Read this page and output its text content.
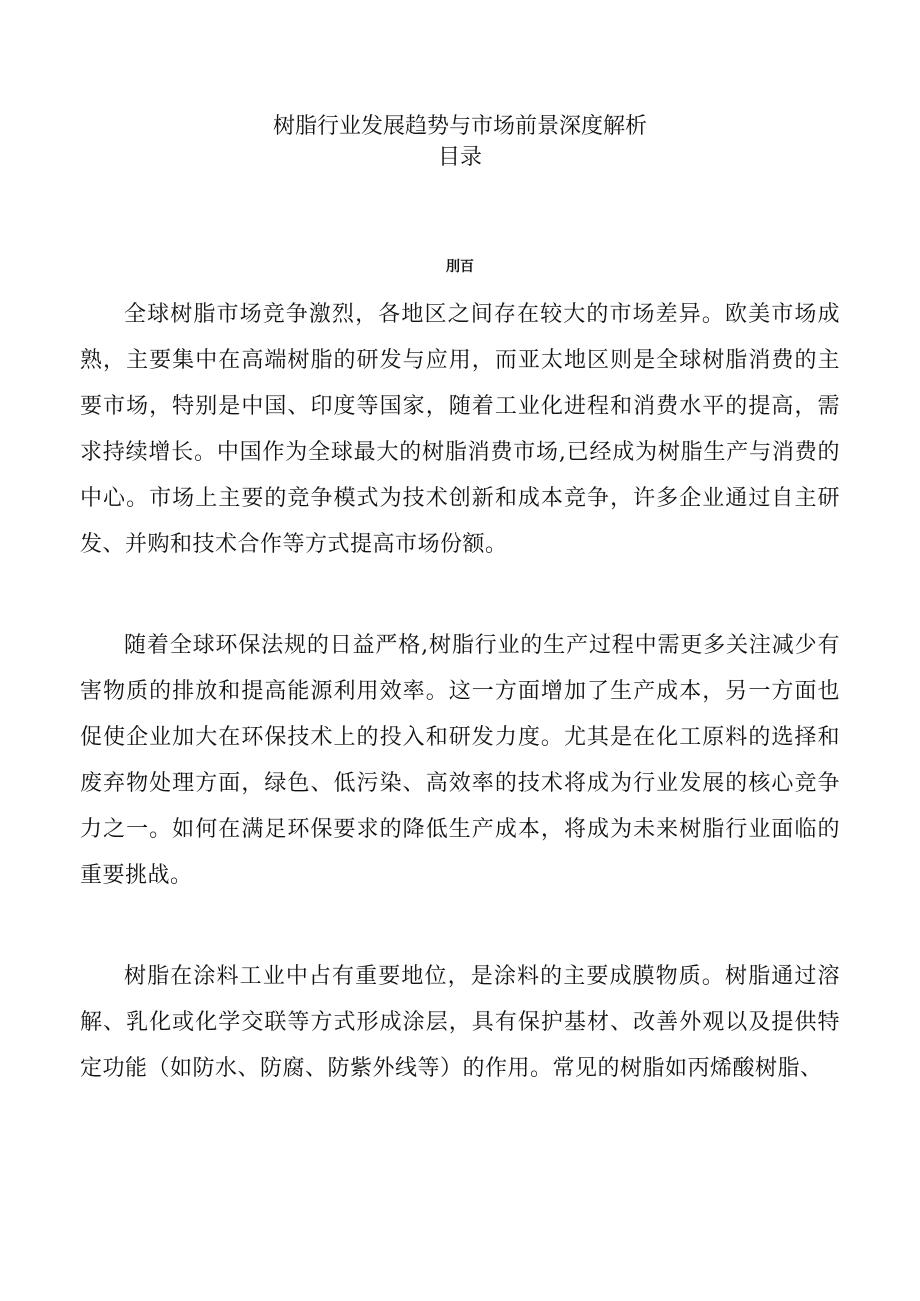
树脂行业发展趋势与市场前景深度解析
目录
刖百

全球树脂市场竞争激烈，各地区之间存在较大的市场差异。欧美市场成熟，主要集中在高端树脂的研发与应用，而亚太地区则是全球树脂消费的主要市场，特别是中国、印度等国家，随着工业化进程和消费水平的提高，需求持续增长。中国作为全球最大的树脂消费市场,已经成为树脂生产与消费的中心。市场上主要的竞争模式为技术创新和成本竞争，许多企业通过自主研发、并购和技术合作等方式提高市场份额。

随着全球环保法规的日益严格,树脂行业的生产过程中需更多关注减少有害物质的排放和提高能源利用效率。这一方面增加了生产成本，另一方面也促使企业加大在环保技术上的投入和研发力度。尤其是在化工原料的选择和废弃物处理方面，绿色、低污染、高效率的技术将成为行业发展的核心竞争力之一。如何在满足环保要求的降低生产成本，将成为未来树脂行业面临的重要挑战。

树脂在涂料工业中占有重要地位，是涂料的主要成膜物质。树脂通过溶解、乳化或化学交联等方式形成涂层，具有保护基材、改善外观以及提供特定功能（如防水、防腐、防紫外线等）的作用。常见的树脂如丙烯酸树脂、
